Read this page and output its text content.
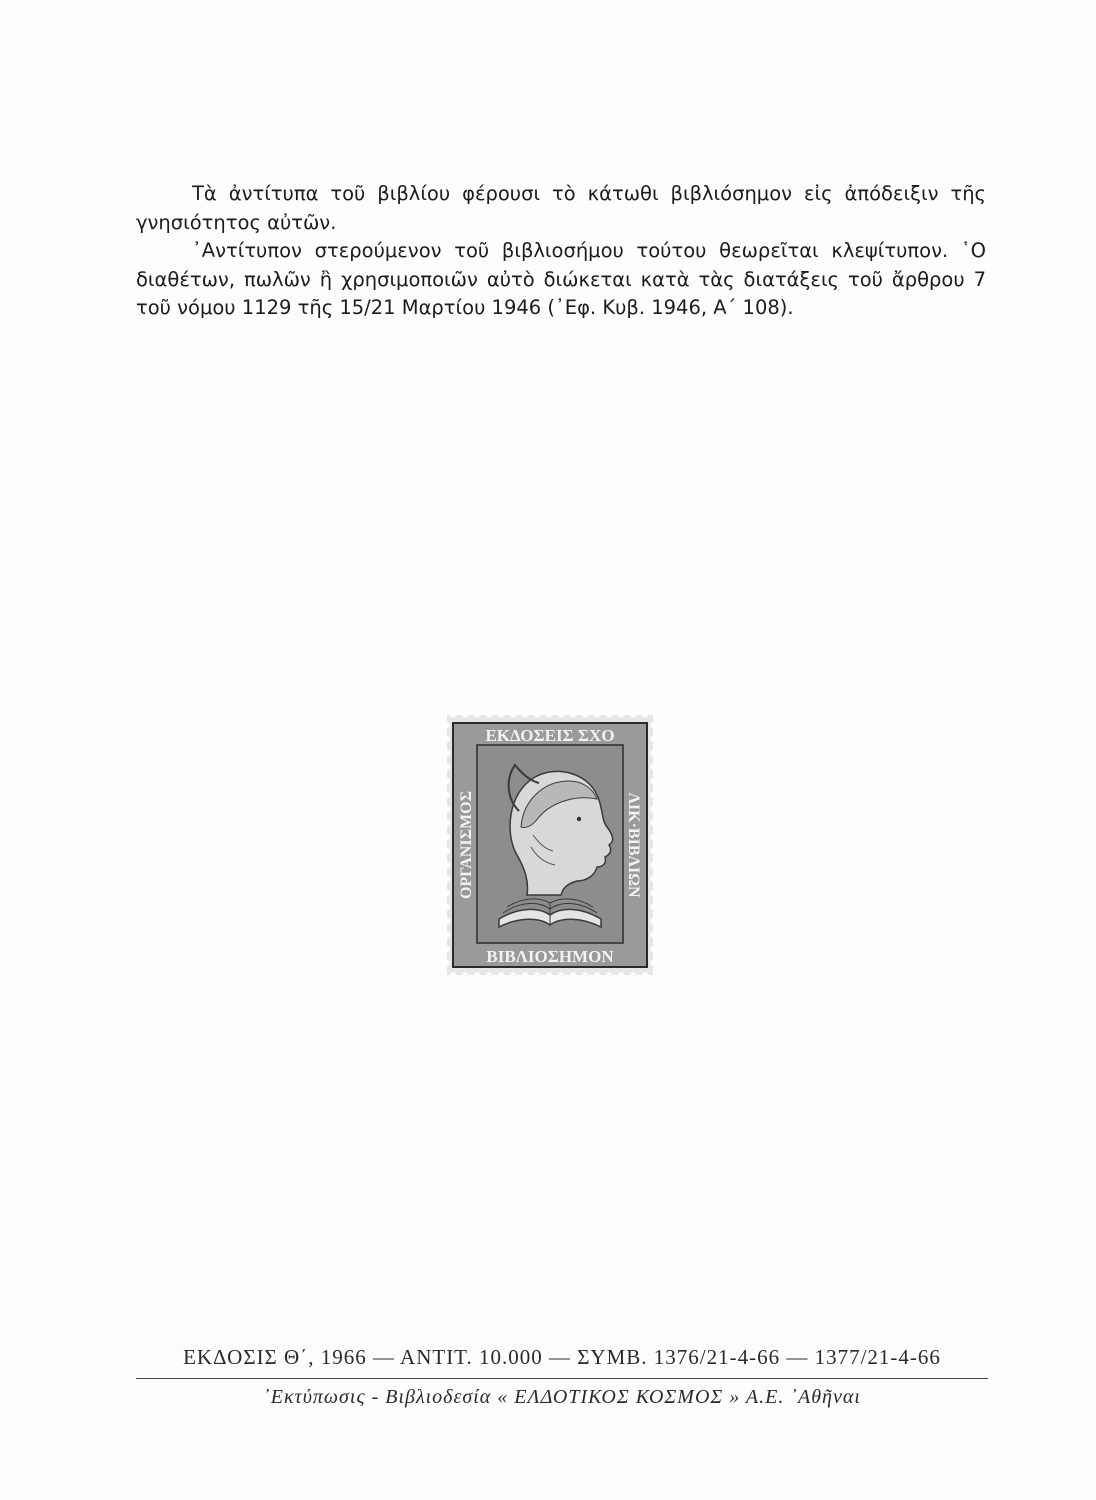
Τὰ ἀντίτυπα τοῦ βιβλίου φέρουσι τὸ κάτωθι βιβλιόσημον εἰς ἀπόδειξιν τῆς γνησιότητος αὐτῶν.

᾿Αντίτυπον στερούμενον τοῦ βιβλιοσήμου τούτου θεωρεῖται κλεψίτυπον. ῾Ο διαθέτων, πωλῶν ἢ χρησιμοποιῶν αὐτὸ διώκεται κατὰ τὰς διατάξεις τοῦ ἄρθρου 7 τοῦ νόμου 1129 τῆς 15/21 Μαρτίου 1946 (᾿Εφ. Κυβ. 1946, Α΄ 108).

ΕΚΔΟΣΕΙΣ ΣΧΟ
ΒΙΒΛΙΟΣΗΜΟΝ
ΟΡΓΑΝΙΣΜΟΣ	ΛΙΚ·ΒΙΒΛΙΩΝ
ΕΚΔΟΣΙΣ Θ΄, 1966 — ΑΝΤΙΤ. 10.000 — ΣΥΜΒ. 1376/21-4-66 — 1377/21-4-66
᾿Εκτύπωσις - Βιβλιοδεσία « ΕΛΔΟΤΙΚΟΣ ΚΟΣΜΟΣ » Α.Ε. ᾿Αθῆναι
